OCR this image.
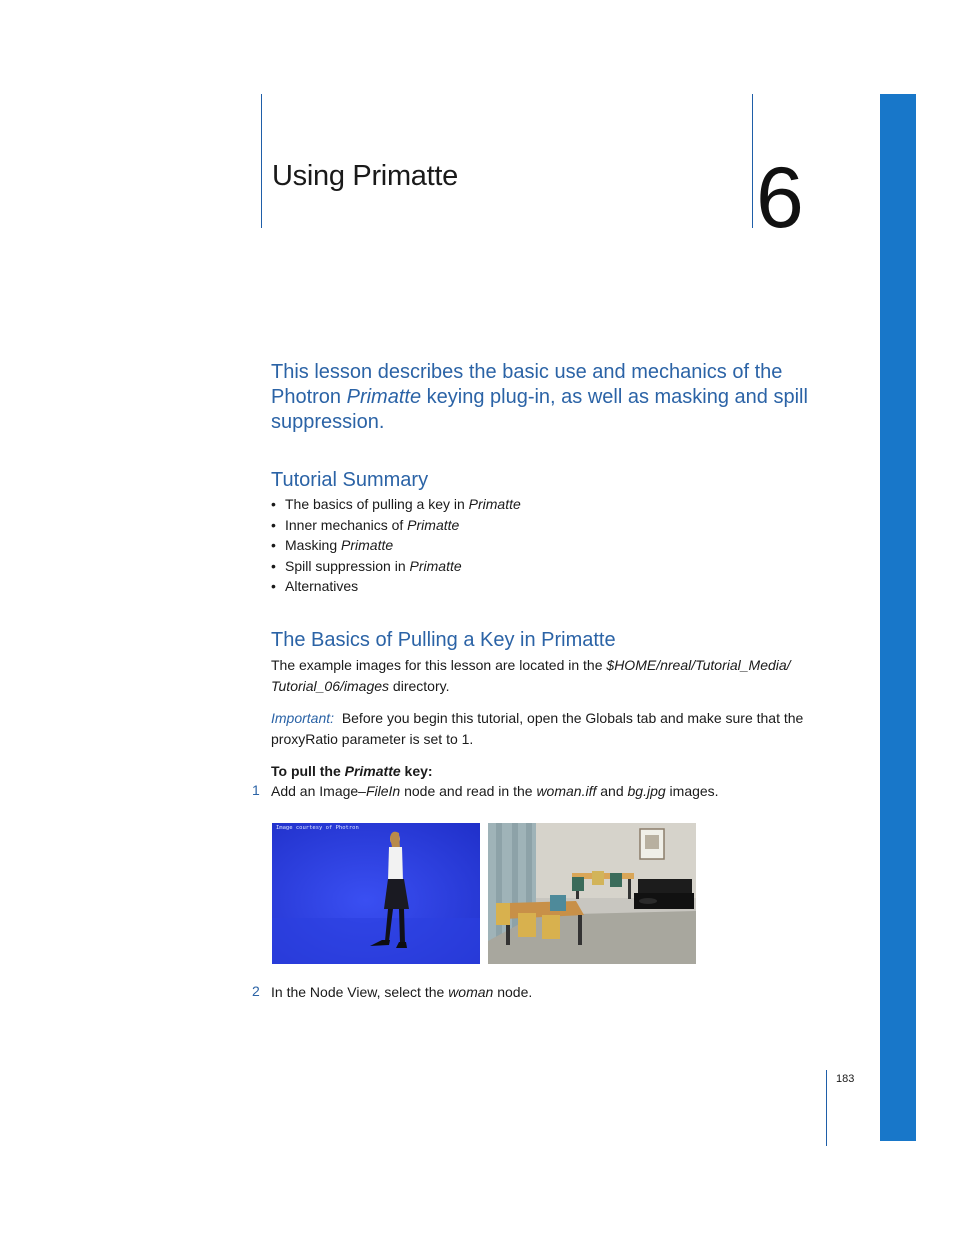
Using Primatte	6
This lesson describes the basic use and mechanics of the Photron Primatte keying plug-in, as well as masking and spill suppression.
Tutorial Summary
• The basics of pulling a key in Primatte
• Inner mechanics of Primatte
• Masking Primatte
• Spill suppression in Primatte
• Alternatives
The Basics of Pulling a Key in Primatte
The example images for this lesson are located in the $HOME/nreal/Tutorial_Media/
Tutorial_06/images directory.
Important: Before you begin this tutorial, open the Globals tab and make sure that the proxyRatio parameter is set to 1.
To pull the Primatte key:
1 Add an Image–FileIn node and read in the woman.iff and bg.jpg images.
Image courtesy of Photron
2 In the Node View, select the woman node.
183
